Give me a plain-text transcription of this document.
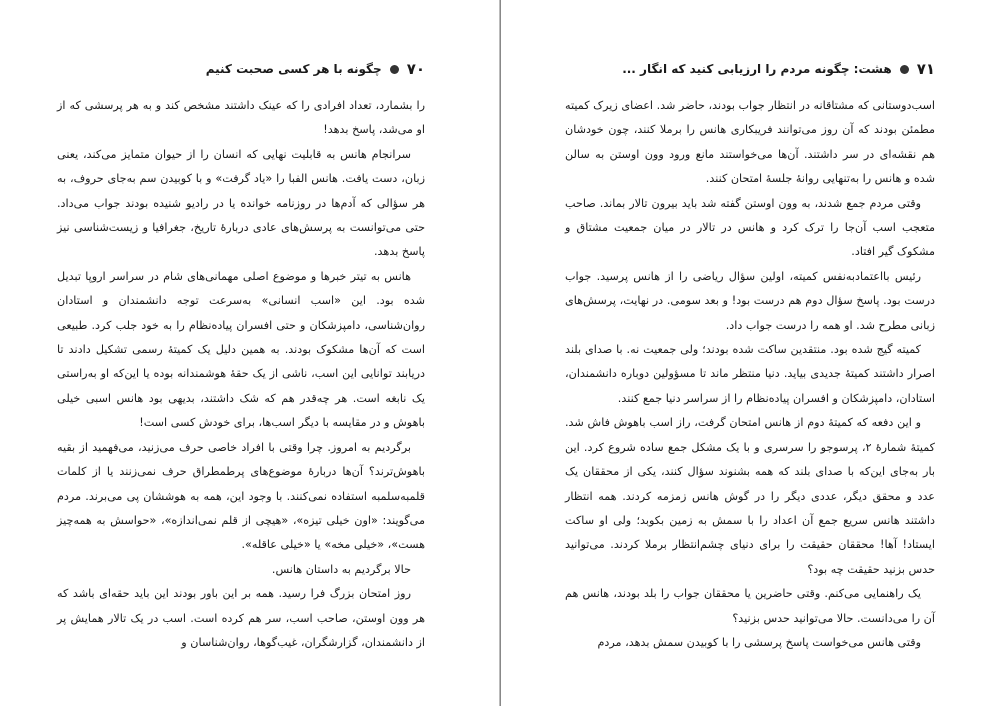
۷۱
هشت: چگونه مردم را ارزیابی کنید که انگار ...

اسب‌دوستانی که مشتاقانه در انتظار جواب بودند، حاضر شد. اعضای زیرک کمیته مطمئن بودند که آن روز می‌توانند فریبکاری هانس را برملا کنند، چون خودشان هم نقشه‌ای در سر داشتند. آن‌ها می‌خواستند مانع ورود وون اوستن به سالن شده و هانس را به‌تنهایی روانهٔ جلسهٔ امتحان کنند.

وقتی مردم جمع شدند، به وون اوستن گفته شد باید بیرون تالار بماند. صاحب متعجب اسب آن‌جا را ترک کرد و هانس در تالار در میان جمعیت مشتاق و مشکوک گیر افتاد.

رئیس بااعتماد‌به‌نفس کمیته، اولین سؤال ریاضی را از هانس پرسید. جواب درست بود. پاسخ سؤال دوم هم درست بود! و بعد سومی. در نهایت، پرسش‌های زبانی مطرح شد. او همه را درست جواب داد.

کمیته گیج شده بود. منتقدین ساکت شده بودند؛ ولی جمعیت نه. با صدای بلند اصرار داشتند کمیتهٔ جدیدی بیاید. دنیا منتظر ماند تا مسؤولین دوباره دانشمندان، استادان، دامپزشکان و افسران پیاده‌نظام را از سراسر دنیا جمع کنند.

و این دفعه که کمیتهٔ دوم از هانس امتحان گرفت، راز اسب باهوش فاش شد. کمیتهٔ شمارهٔ ۲، پرسوجو را سرسری و با یک مشکل جمع ساده شروع کرد. این بار به‌جای این‌که با صدای بلند که همه بشنوند سؤال کنند، یکی از محققان یک عدد و محقق دیگر، عددی دیگر را در گوش هانس زمزمه کردند. همه انتظار داشتند هانس سریع جمع آن اعداد را با سمش به زمین بکوبد؛ ولی او ساکت ایستاد! آها! محققان حقیقت را برای دنیای چشم‌انتظار برملا کردند. می‌توانید حدس بزنید حقیقت چه بود؟

یک راهنمایی می‌کنم. وقتی حاضرین یا محققان جواب را بلد بودند، هانس هم آن را می‌دانست. حالا می‌توانید حدس بزنید؟

وقتی هانس می‌خواست پاسخ پرسشی را با کوبیدن سمش بدهد، مردم

۷۰
چگونه با هر کسی صحبت کنیم

را بشمارد، تعداد افرادی را که عینک داشتند مشخص کند و به هر پرسشی که از او می‌شد، پاسخ بدهد!

سرانجام هانس به قابلیت نهایی که انسان را از حیوان متمایز می‌کند، یعنی زبان، دست یافت. هانس الفبا را «یاد گرفت» و با کوبیدن سم به‌جای حروف، به هر سؤالی که آدم‌ها در روزنامه خوانده یا در رادیو شنیده بودند جواب می‌داد. حتی می‌توانست به پرسش‌های عادی دربارهٔ تاریخ، جغرافیا و زیست‌شناسی نیز پاسخ بدهد.

هانس به تیتر خبرها و موضوع اصلی مهمانی‌های شام در سراسر اروپا تبدیل شده بود. این «اسب انسانی» به‌سرعت توجه دانشمندان و استادان روان‌شناسی، دامپزشکان و حتی افسران پیاده‌نظام را به خود جلب کرد. طبیعی است که آن‌ها مشکوک بودند. به همین دلیل یک کمیتهٔ رسمی تشکیل دادند تا دریابند توانایی این اسب، ناشی از یک حقهٔ هوشمندانه بوده یا این‌که او به‌راستی یک نابغه است. هر چه‌قدر هم که شک داشتند، بدیهی بود هانس اسبی خیلی باهوش و در مقایسه با دیگر اسب‌ها، برای خودش کسی است!

برگردیم به امروز. چرا وقتی با افراد خاصی حرف می‌زنید، می‌فهمید از بقیه باهوش‌ترند؟ آن‌ها دربارهٔ موضوع‌های پرطمطراق حرف نمی‌زنند یا از کلمات قلمبه‌سلمبه استفاده نمی‌کنند. با وجود این، همه به هوششان پی می‌برند. مردم می‌گویند: «اون خیلی تیزه»، «هیچی از قلم نمی‌اندازه»، «حواسش به همه‌چیز هست»، «خیلی مخه» یا «خیلی عاقله».

حالا برگردیم به داستان هانس.

روز امتحان بزرگ فرا رسید. همه بر این باور بودند این باید حقه‌ای باشد که هر وون اوستن، صاحب اسب، سر هم کرده است. اسب در یک تالار همایش پر از دانشمندان، گزارشگران، غیب‌گوها، روان‌شناسان و
